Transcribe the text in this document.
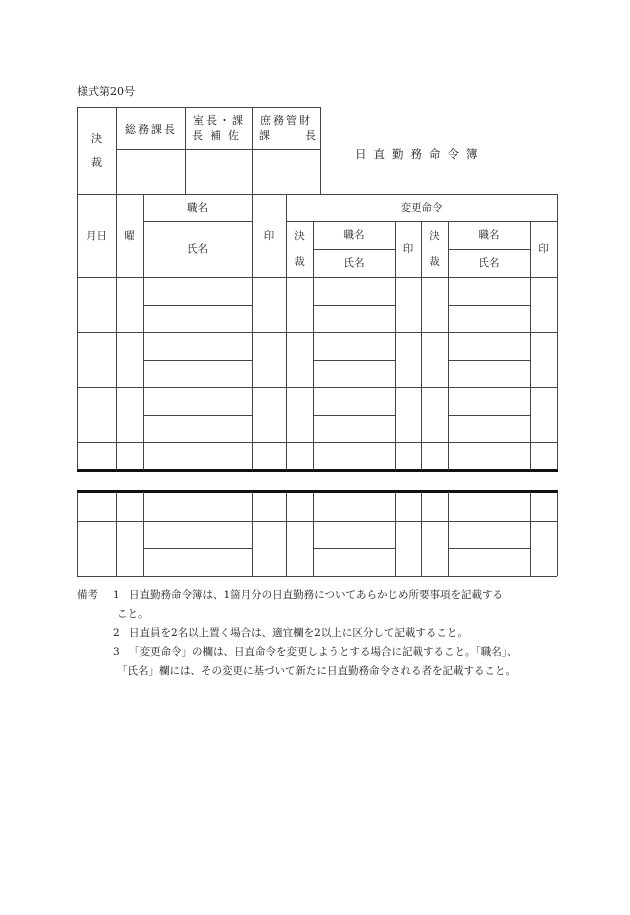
様式第20号
決
裁
総務課長
室長・課
長補佐
庶務管財
課	長
日直勤務命令簿
月日	曜
職名
氏名
印
変更命令
決
裁
職名
氏名
印
決
裁
職名
氏名
印
備考 1 日直勤務命令簿は、1箇月分の日直勤務についてあらかじめ所要事項を記載する
こと。
2 日直員を2名以上置く場合は、適宜欄を2以上に区分して記載すること。
3 「変更命令」の欄は、日直命令を変更しようとする場合に記載すること。「職名」、
「氏名」欄には、その変更に基づいて新たに日直勤務命令される者を記載すること。
